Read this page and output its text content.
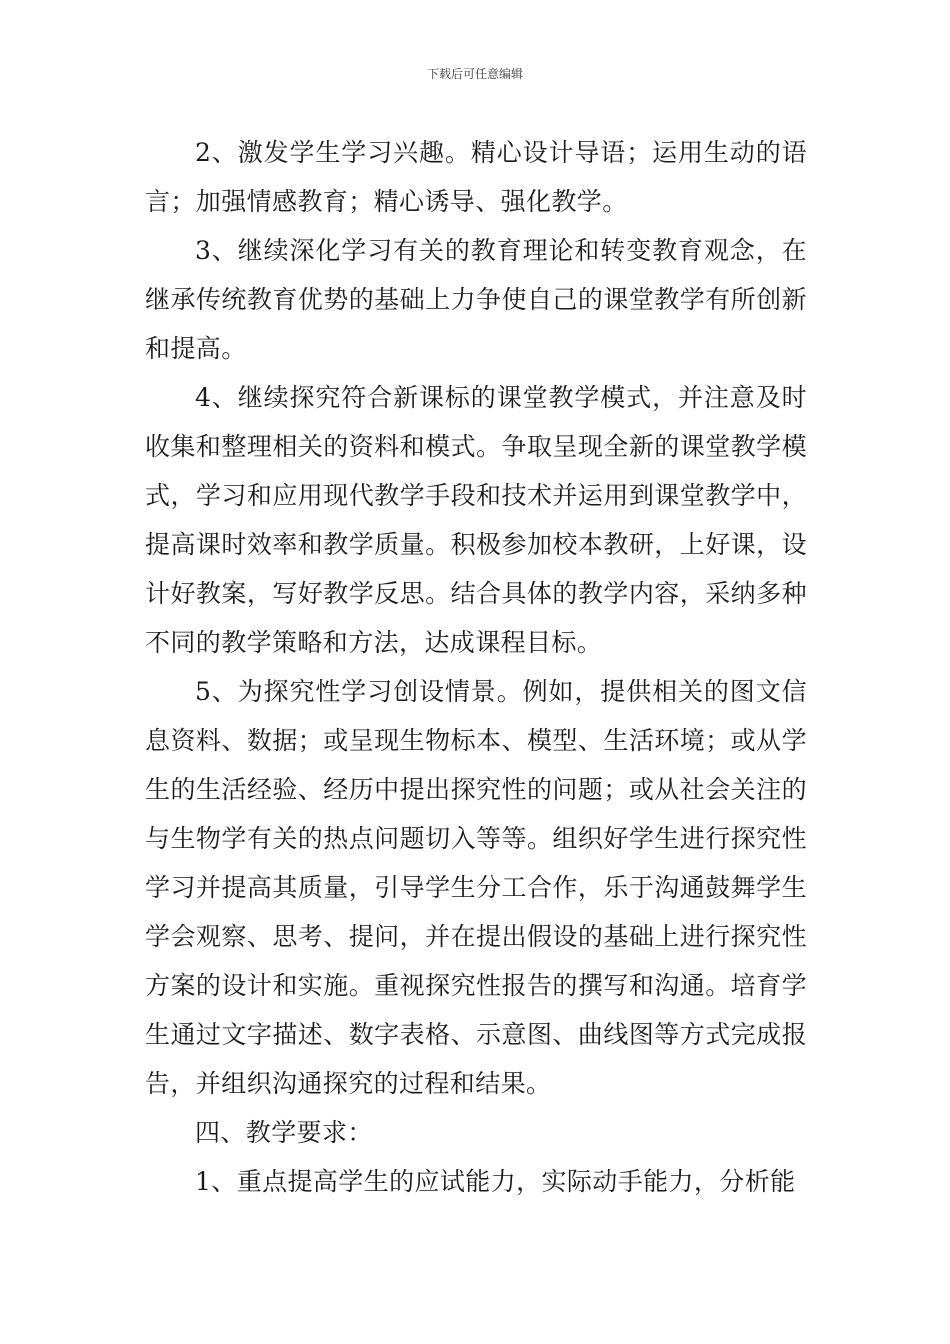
下载后可任意编辑

2、激发学生学习兴趣。精心设计导语；运用生动的语言；加强情感教育；精心诱导、强化教学。

3、继续深化学习有关的教育理论和转变教育观念，在继承传统教育优势的基础上力争使自己的课堂教学有所创新和提高。

4、继续探究符合新课标的课堂教学模式，并注意及时收集和整理相关的资料和模式。争取呈现全新的课堂教学模式，学习和应用现代教学手段和技术并运用到课堂教学中，提高课时效率和教学质量。积极参加校本教研，上好课，设计好教案，写好教学反思。结合具体的教学内容，采纳多种不同的教学策略和方法，达成课程目标。

5、为探究性学习创设情景。例如，提供相关的图文信息资料、数据；或呈现生物标本、模型、生活环境；或从学生的生活经验、经历中提出探究性的问题；或从社会关注的与生物学有关的热点问题切入等等。组织好学生进行探究性学习并提高其质量，引导学生分工合作，乐于沟通鼓舞学生学会观察、思考、提问，并在提出假设的基础上进行探究性方案的设计和实施。重视探究性报告的撰写和沟通。培育学生通过文字描述、数字表格、示意图、曲线图等方式完成报告，并组织沟通探究的过程和结果。

四、教学要求：

1、重点提高学生的应试能力，实际动手能力，分析能
